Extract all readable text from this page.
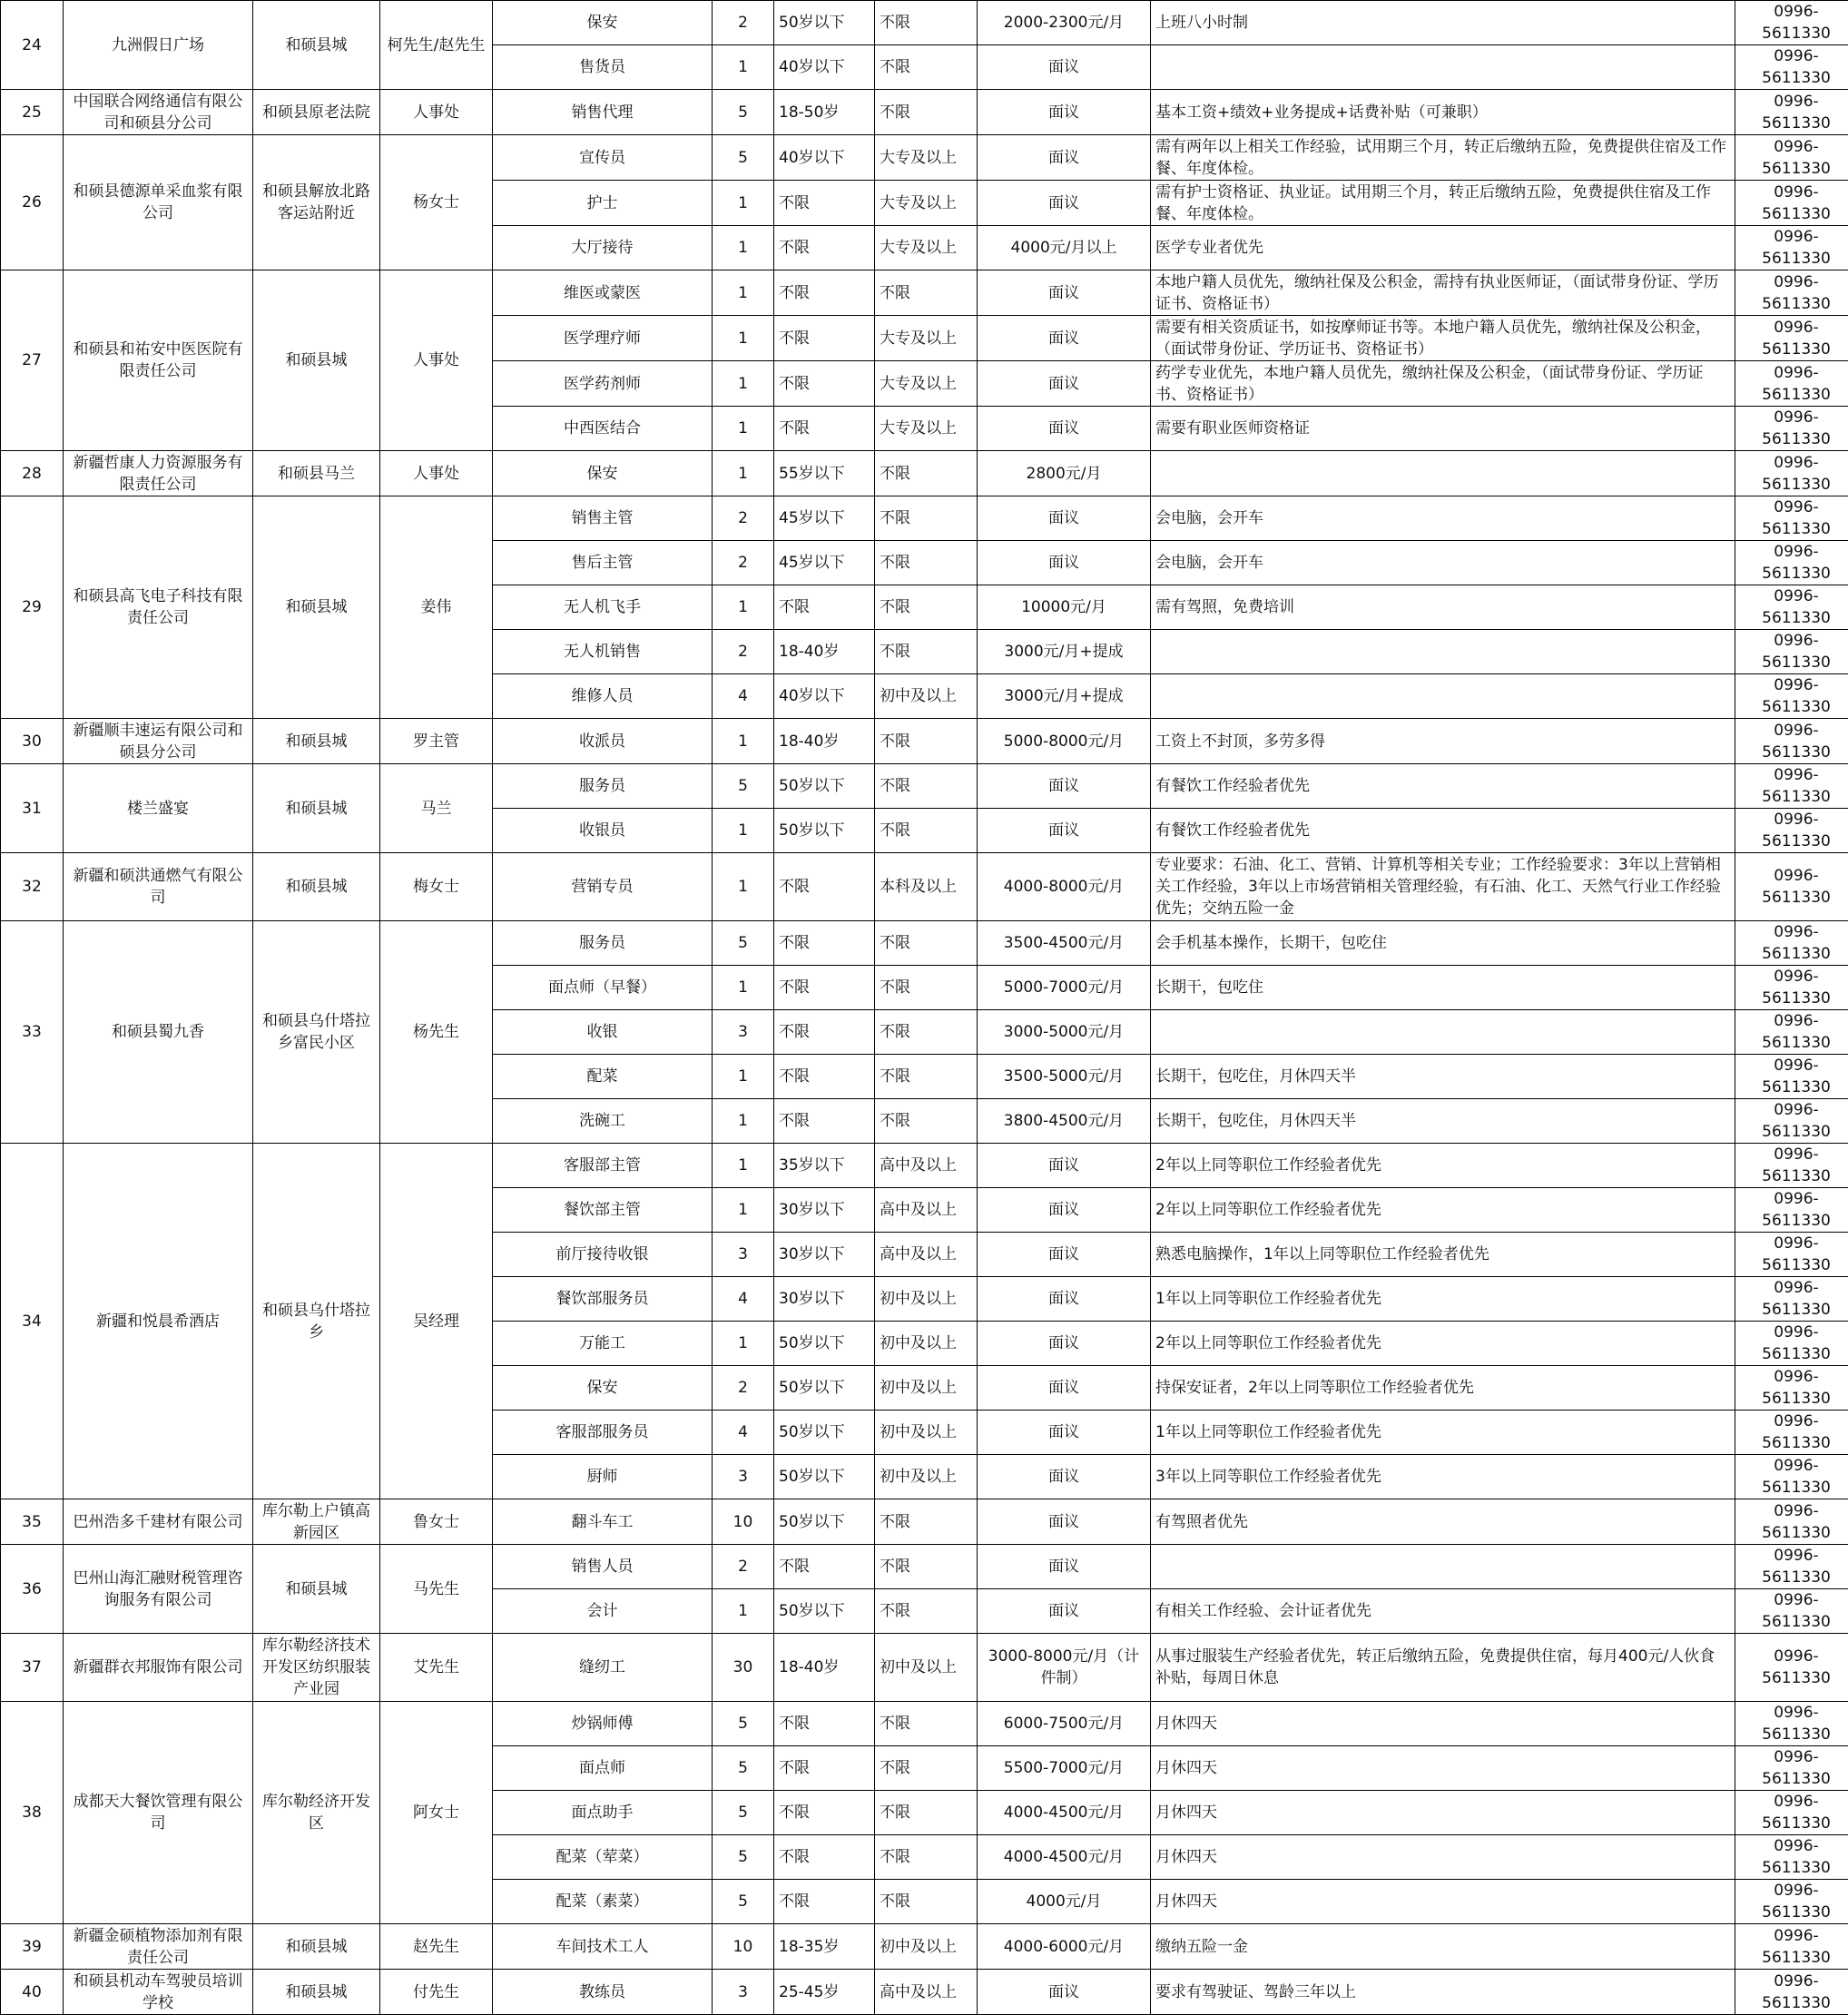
24	九洲假日广场	和硕县城	柯先生/赵先生	保安	2	50岁以下	不限	2000-2300元/月	上班八小时制	0996-5611330
				售货员	1	40岁以下	不限	面议		0996-5611330
25	中国联合网络通信有限公司和硕县分公司	和硕县原老法院	人事处	销售代理	5	18-50岁	不限	面议	基本工资+绩效+业务提成+话费补贴（可兼职）	0996-5611330
26	和硕县德源单采血浆有限公司	和硕县解放北路客运站附近	杨女士	宣传员	5	40岁以下	大专及以上	面议	需有两年以上相关工作经验，试用期三个月，转正后缴纳五险，免费提供住宿及工作餐、年度体检。	0996-5611330
				护士	1	不限	大专及以上	面议	需有护士资格证、执业证。试用期三个月，转正后缴纳五险，免费提供住宿及工作餐、年度体检。	0996-5611330
				大厅接待	1	不限	大专及以上	4000元/月以上	医学专业者优先	0996-5611330
27	和硕县和祐安中医医院有限责任公司	和硕县城	人事处	维医或蒙医	1	不限	不限	面议	本地户籍人员优先，缴纳社保及公积金，需持有执业医师证，（面试带身份证、学历证书、资格证书）	0996-5611330
				医学理疗师	1	不限	大专及以上	面议	需要有相关资质证书，如按摩师证书等。本地户籍人员优先，缴纳社保及公积金，（面试带身份证、学历证书、资格证书）	0996-5611330
				医学药剂师	1	不限	大专及以上	面议	药学专业优先，本地户籍人员优先，缴纳社保及公积金，（面试带身份证、学历证书、资格证书）	0996-5611330
				中西医结合	1	不限	大专及以上	面议	需要有职业医师资格证	0996-5611330
28	新疆哲康人力资源服务有限责任公司	和硕县马兰	人事处	保安	1	55岁以下	不限	2800元/月		0996-5611330
29	和硕县高飞电子科技有限责任公司	和硕县城	姜伟	销售主管	2	45岁以下	不限	面议	会电脑，会开车	0996-5611330
				售后主管	2	45岁以下	不限	面议	会电脑，会开车	0996-5611330
				无人机飞手	1	不限	不限	10000元/月	需有驾照，免费培训	0996-5611330
				无人机销售	2	18-40岁	不限	3000元/月+提成		0996-5611330
				维修人员	4	40岁以下	初中及以上	3000元/月+提成		0996-5611330
30	新疆顺丰速运有限公司和硕县分公司	和硕县城	罗主管	收派员	1	18-40岁	不限	5000-8000元/月	工资上不封顶，多劳多得	0996-5611330
31	楼兰盛宴	和硕县城	马兰	服务员	5	50岁以下	不限	面议	有餐饮工作经验者优先	0996-5611330
				收银员	1	50岁以下	不限	面议	有餐饮工作经验者优先	0996-5611330
32	新疆和硕洪通燃气有限公司	和硕县城	梅女士	营销专员	1	不限	本科及以上	4000-8000元/月	专业要求：石油、化工、营销、计算机等相关专业；工作经验要求：3年以上营销相关工作经验，3年以上市场营销相关管理经验，有石油、化工、天然气行业工作经验优先；交纳五险一金	0996-5611330
33	和硕县蜀九香	和硕县乌什塔拉乡富民小区	杨先生	服务员	5	不限	不限	3500-4500元/月	会手机基本操作，长期干，包吃住	0996-5611330
				面点师（早餐）	1	不限	不限	5000-7000元/月	长期干，包吃住	0996-5611330
				收银	3	不限	不限	3000-5000元/月		0996-5611330
				配菜	1	不限	不限	3500-5000元/月	长期干，包吃住，月休四天半	0996-5611330
				洗碗工	1	不限	不限	3800-4500元/月	长期干，包吃住，月休四天半	0996-5611330
34	新疆和悦晨希酒店	和硕县乌什塔拉乡	吴经理	客服部主管	1	35岁以下	高中及以上	面议	2年以上同等职位工作经验者优先	0996-5611330
				餐饮部主管	1	30岁以下	高中及以上	面议	2年以上同等职位工作经验者优先	0996-5611330
				前厅接待收银	3	30岁以下	高中及以上	面议	熟悉电脑操作，1年以上同等职位工作经验者优先	0996-5611330
				餐饮部服务员	4	30岁以下	初中及以上	面议	1年以上同等职位工作经验者优先	0996-5611330
				万能工	1	50岁以下	初中及以上	面议	2年以上同等职位工作经验者优先	0996-5611330
				保安	2	50岁以下	初中及以上	面议	持保安证者，2年以上同等职位工作经验者优先	0996-5611330
				客服部服务员	4	50岁以下	初中及以上	面议	1年以上同等职位工作经验者优先	0996-5611330
				厨师	3	50岁以下	初中及以上	面议	3年以上同等职位工作经验者优先	0996-5611330
35	巴州浩多千建材有限公司	库尔勒上户镇高新园区	鲁女士	翻斗车工	10	50岁以下	不限	面议	有驾照者优先	0996-5611330
36	巴州山海汇融财税管理咨询服务有限公司	和硕县城	马先生	销售人员	2	不限	不限	面议		0996-5611330
				会计	1	50岁以下	不限	面议	有相关工作经验、会计证者优先	0996-5611330
37	新疆群衣邦服饰有限公司	库尔勒经济技术开发区纺织服装产业园	艾先生	缝纫工	30	18-40岁	初中及以上	3000-8000元/月（计件制）	从事过服装生产经验者优先，转正后缴纳五险，免费提供住宿，每月400元/人伙食补贴，每周日休息	0996-5611330
38	成都天大餐饮管理有限公司	库尔勒经济开发区	阿女士	炒锅师傅	5	不限	不限	6000-7500元/月	月休四天	0996-5611330
				面点师	5	不限	不限	5500-7000元/月	月休四天	0996-5611330
				面点助手	5	不限	不限	4000-4500元/月	月休四天	0996-5611330
				配菜（荤菜）	5	不限	不限	4000-4500元/月	月休四天	0996-5611330
				配菜（素菜）	5	不限	不限	4000元/月	月休四天	0996-5611330
39	新疆金硕植物添加剂有限责任公司	和硕县城	赵先生	车间技术工人	10	18-35岁	初中及以上	4000-6000元/月	缴纳五险一金	0996-5611330
40	和硕县机动车驾驶员培训学校	和硕县城	付先生	教练员	3	25-45岁	高中及以上	面议	要求有驾驶证、驾龄三年以上	0996-5611330
